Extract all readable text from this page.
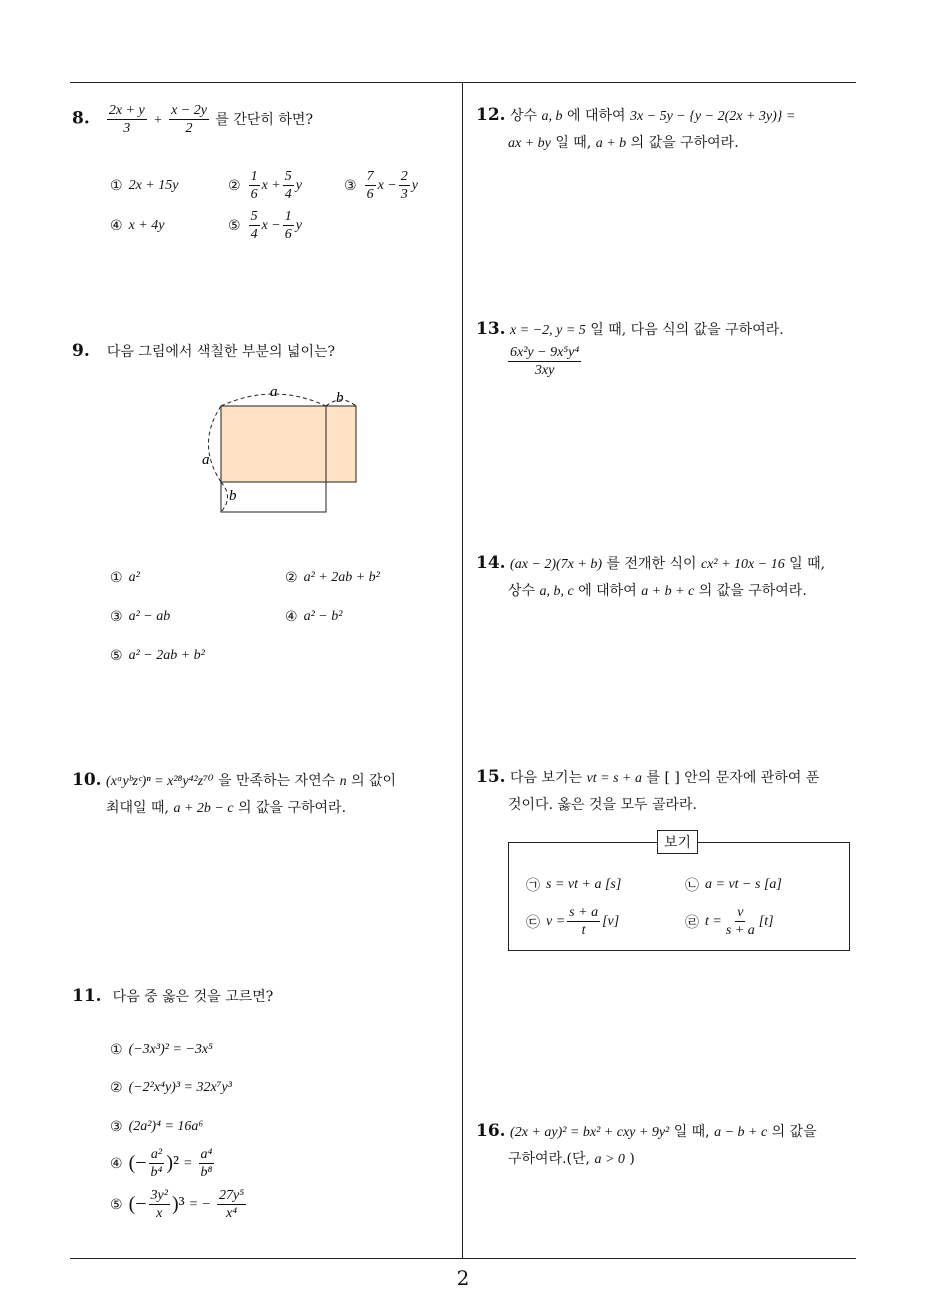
8. $\frac{2x + y}{3} + \frac{x - 2y}{2}$ 를 간단히 하면?
① 2x + 15y	② $\frac{1}{6}$ $x + \frac{5}{4}$ y	③ $\frac{7}{6}$ $x - \frac{2}{3}$ y
④ x + 4y	⑤ $\frac{5}{4}$ $x - \frac{1}{6}$ y
9. 다음 그림에서 색칠한 부분의 넓이는?
a	b
a
b
① a²	② a² + 2ab + b²
③ a² − ab	④ a² − b²
⑤ a² − 2ab + b²
10. (xᵃyᵇzᶜ)ⁿ = x²⁸y⁴²z⁷⁰ 을 만족하는 자연수 n 의 값이
최대일 때, a + 2b − c 의 값을 구하여라.
11. 다음 중 옳은 것을 고르면?
① (−3x³)² = −3x⁵
② (−2²x⁴y)³ = 32x⁷y³
③ (2a²)⁴ = 16a⁶
④ (− $\frac{\text{a²}}{\text{b⁴}} )^2 = \frac{\text{a⁴}}{\text{b⁸}}$
⑤ (− $\frac{\text{3y²}}{x} )^3$ = − $\frac{\text{27y⁵}}{\text{x⁴}}$
12. 상수 a, b 에 대하여 3x − 5y − {y − 2(2x + 3y)} =
ax + by 일 때, a + b 의 값을 구하여라.
13. x = −2, y = 5 일 때, 다음 식의 값을 구하여라.
$\frac{\text{6x²y − 9x⁵y⁴}}{3xy}$
14. (ax − 2)(7x + b) 를 전개한 식이 cx² + 10x − 16 일 때,
상수 a, b, c 에 대하여 a + b + c 의 값을 구하여라.
15. 다음 보기는 vt = s + a 를 [ ] 안의 문자에 관하여 푼
것이다. 옳은 것을 모두 골라라.
보기
㉠ s = vt + a [s]	㉡ a = vt − s [a]
㉢ $v = \frac{s + a}{t} [v]$	㉣ $t = \frac{v}{s + a} [t]$
16. (2x + ay)² = bx² + cxy + 9y² 일 때, a − b + c 의 값을
구하여라.(단, a > 0 )
2
